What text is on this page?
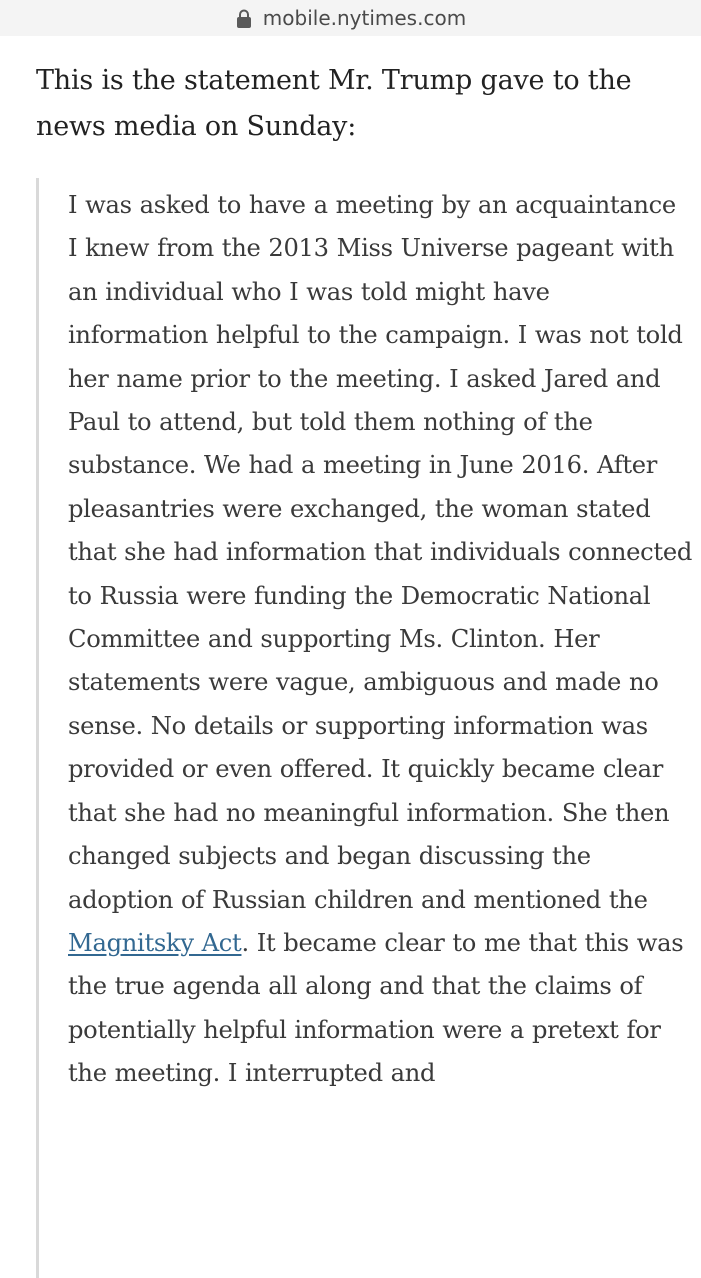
mobile.nytimes.com

This is the statement Mr. Trump gave to the news media on Sunday:

I was asked to have a meeting by an acquaintance I knew from the 2013 Miss Universe pageant with an individual who I was told might have information helpful to the campaign. I was not told her name prior to the meeting. I asked Jared and Paul to attend, but told them nothing of the substance. We had a meeting in June 2016. After pleasantries were exchanged, the woman stated that she had information that individuals connected to Russia were funding the Democratic National Committee and supporting Ms. Clinton. Her statements were vague, ambiguous and made no sense. No details or supporting information was provided or even offered. It quickly became clear that she had no meaningful information. She then changed subjects and began discussing the adoption of Russian children and mentioned the Magnitsky Act. It became clear to me that this was the true agenda all along and that the claims of potentially helpful information were a pretext for the meeting. I interrupted and
